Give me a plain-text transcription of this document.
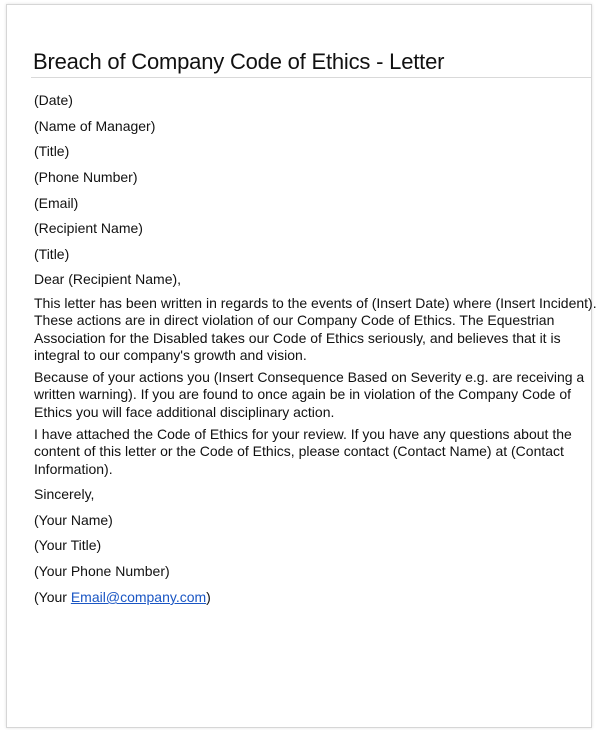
Breach of Company Code of Ethics - Letter
(Date)
(Name of Manager)
(Title)
(Phone Number)
(Email)
(Recipient Name)
(Title)
Dear (Recipient Name),
This letter has been written in regards to the events of (Insert Date) where (Insert Incident).
These actions are in direct violation of our Company Code of Ethics. The Equestrian
Association for the Disabled takes our Code of Ethics seriously, and believes that it is
integral to our company's growth and vision.
Because of your actions you (Insert Consequence Based on Severity e.g. are receiving a
written warning). If you are found to once again be in violation of the Company Code of
Ethics you will face additional disciplinary action.
I have attached the Code of Ethics for your review. If you have any questions about the
content of this letter or the Code of Ethics, please contact (Contact Name) at (Contact
Information).
Sincerely,
(Your Name)
(Your Title)
(Your Phone Number)
(Your Email@company.com)
